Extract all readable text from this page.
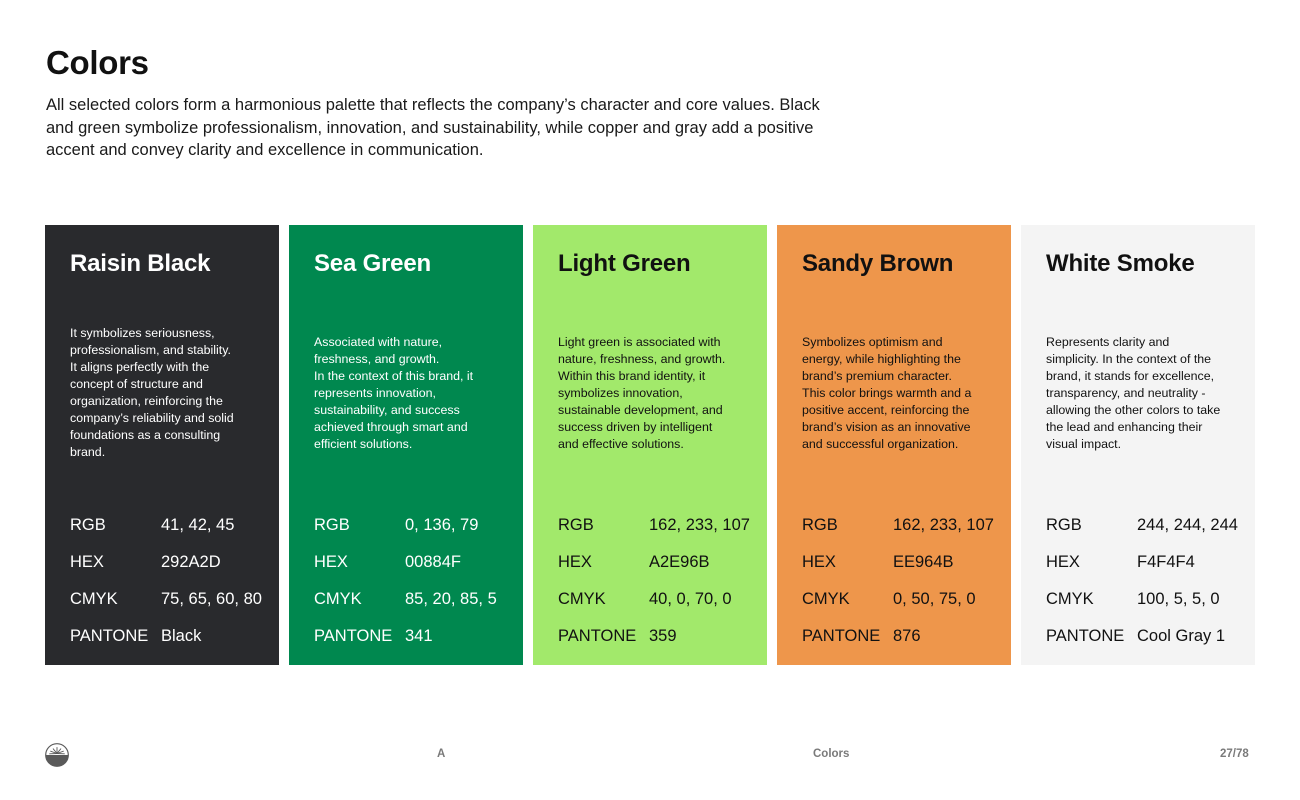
Colors

All selected colors form a harmonious palette that reflects the company’s character and core values. Black and green symbolize professionalism, innovation, and sustainability, while copper and gray add a positive accent and convey clarity and excellence in communication.

Raisin Black
It symbolizes seriousness,
professionalism, and stability.
It aligns perfectly with the
concept of structure and
organization, reinforcing the
company’s reliability and solid
foundations as a consulting
brand.
RGB	41, 42, 45
HEX	292A2D
CMYK	75, 65, 60, 80
PANTONE Black
Sea Green
Associated with nature,
freshness, and growth.
In the context of this brand, it
represents innovation,
sustainability, and success
achieved through smart and
efficient solutions.
RGB	0, 136, 79
HEX	00884F
CMYK	85, 20, 85, 5
PANTONE 341
Light Green
Light green is associated with
nature, freshness, and growth.
Within this brand identity, it
symbolizes innovation,
sustainable development, and
success driven by intelligent
and effective solutions.
RGB	162, 233, 107
HEX	A2E96B
CMYK	40, 0, 70, 0
PANTONE 359
Sandy Brown
Symbolizes optimism and
energy, while highlighting the
brand’s premium character.
This color brings warmth and a
positive accent, reinforcing the
brand’s vision as an innovative
and successful organization.
RGB	162, 233, 107
HEX	EE964B
CMYK	0, 50, 75, 0
PANTONE 876
White Smoke
Represents clarity and
simplicity. In the context of the
brand, it stands for excellence,
transparency, and neutrality -
allowing the other colors to take
the lead and enhancing their
visual impact.
RGB	244, 244, 244
HEX	F4F4F4
CMYK	100, 5, 5, 0
PANTONE Cool Gray 1
A	Colors	27/78
